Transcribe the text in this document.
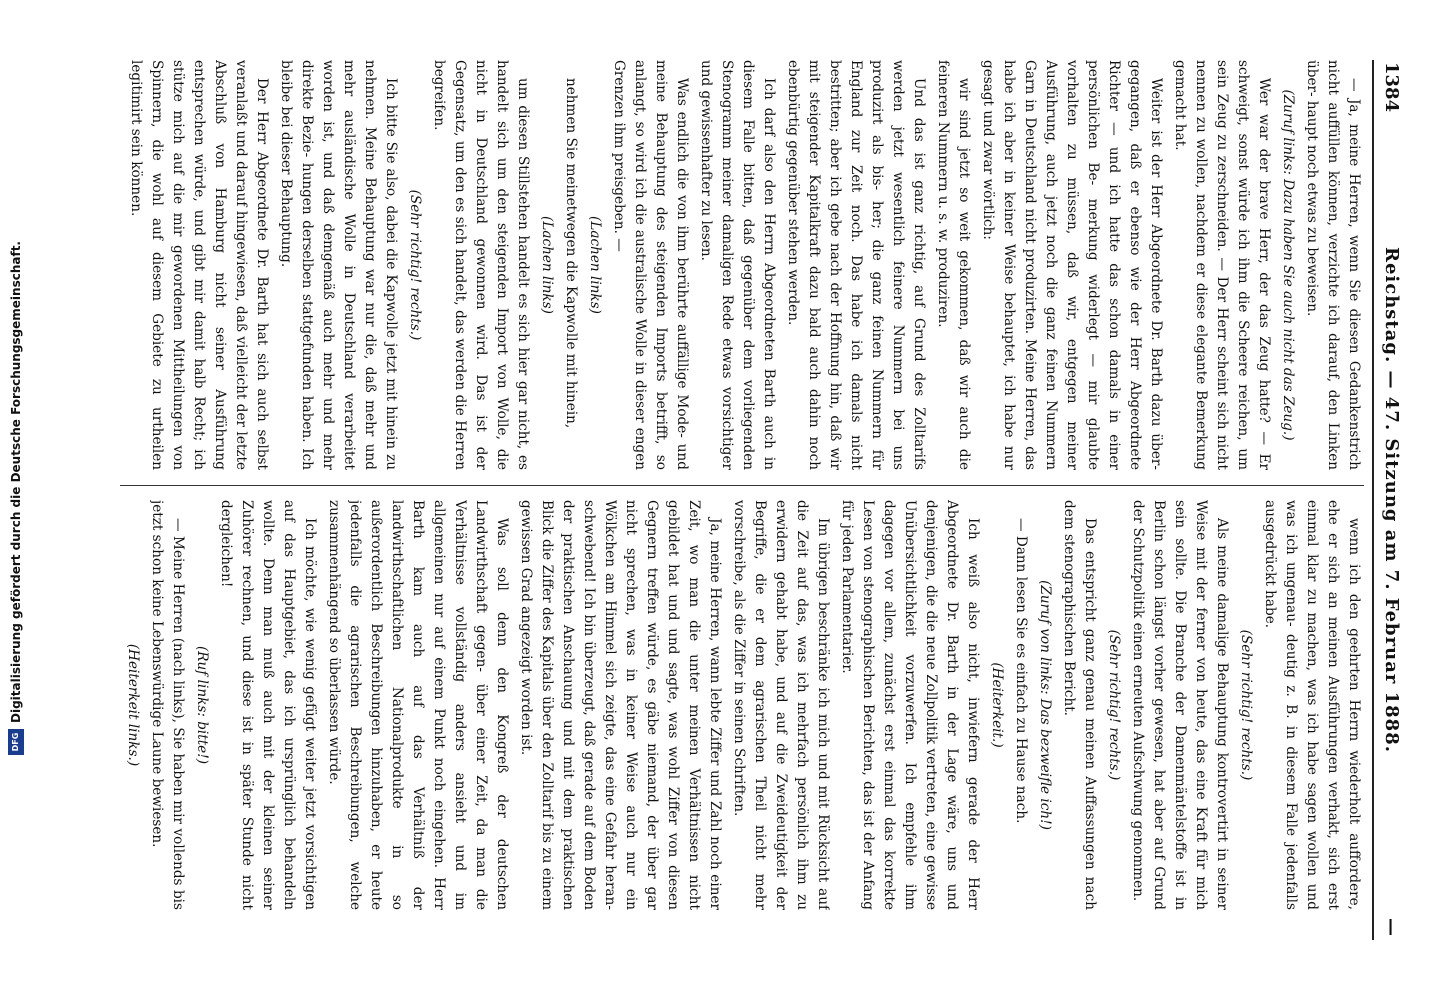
DFG
Digitalisierung gefördert durch die Deutsche Forschungsgemeinschaft.
1384
Reichstag. — 47. Sitzung am 7. Februar 1888.
—

— Ja, meine Herren, wenn Sie diesen Gedankenstrich nicht auffüllen können, verzichte ich darauf, den Linken über- haupt noch etwas zu beweisen.

(Zuruf links: Dazu haben Sie auch nicht das Zeug.)

Wer war der brave Herr, der das Zeug hatte? — Er schweigt, sonst würde ich ihm die Scheere reichen, um sein Zeug zu zerschneiden. — Der Herr scheint sich nicht nennen zu wollen, nachdem er diese elegante Bemerkung gemacht hat.

Weiter ist der Herr Abgeordnete Dr. Barth dazu über- gegangen, daß er ebenso wie der Herr Abgeordnete Richter — und ich hatte das schon damals in einer persönlichen Be- merkung widerlegt — mir glaubte vorhalten zu müssen, daß wir, entgegen meiner Ausführung, auch jetzt noch die ganz feinen Nummern Garn in Deutschland nicht produzirten. Meine Herren, das habe ich aber in keiner Weise behauptet, ich habe nur gesagt und zwar wörtlich:

wir sind jetzt so weit gekommen, daß wir auch die feineren Nummern u. s. w. produziren.

Und das ist ganz richtig, auf Grund des Zolltarifs werden jetzt wesentlich feinere Nummern bei uns produzirt als bis- her; die ganz feinen Nummern für England zur Zeit noch. Das habe ich damals nicht bestritten; aber ich gebe nach der Hoffnung hin, daß wir mit steigender Kapitalkraft dazu bald auch dahin noch ebenbürtig gegenüber stehen werden.

Ich darf also den Herrn Abgeordneten Barth auch in diesem Falle bitten, daß gegenüber dem vorliegenden Stenogramm meiner damaligen Rede etwas vorsichtiger und gewissenhafter zu lesen.

Was endlich die von ihm berührte auffällige Mode- und meine Behauptung des steigenden Imports betrifft, so anlangt, so wird ich die australische Wolle in dieser engen Grenzen ihm preisgeben. —

(Lachen links)

nehmen Sie meinetwegen die Kapwolle mit hinein,

(Lachen links)

um diesen Stillstehen handelt es sich hier gar nicht, es handelt sich um den steigenden Import von Wolle, die nicht in Deutschland gewonnen wird. Das ist der Gegensatz, um den es sich handelt, das werden die Herren begreifen.

(Sehr richtig! rechts.)

Ich bitte Sie also, dabei die Kapwolle jetzt mit hinein zu nehmen. Meine Behauptung war nur die, daß mehr und mehr ausländische Wolle in Deutschland verarbeitet worden ist, und daß demgemäß auch mehr und mehr direkte Bezie- hungen derselben stattgefunden haben. Ich bleibe bei dieser Behauptung.

Der Herr Abgeordnete Dr. Barth hat sich auch selbst veranlaßt und darauf hingewiesen, daß vielleicht der letzte Abschluß von Hamburg nicht seiner Ausführung entsprechen würde, und gibt mir damit halb Recht; ich stütze mich auf die mir gewordenen Mittheilungen von Spinnern, die wohl auf diesem Gebiete zu urtheilen legitimirt sein können.

wenn ich den geehrten Herrn wiederholt auffordere, ehe er sich an meinen Ausführungen verhakt, sich erst einmal klar zu machen, was ich habe sagen wollen und was ich ungenau- deutig z. B. in diesem Falle jedenfalls ausgedrückt habe.

(Sehr richtig! rechts.)

Als meine damalige Behauptung kontrovertirt in seiner Weise mit der ferner von heute, das eine Kraft für mich sein sollte. Die Branche der Damenmäntelstoffe ist in Berlin schon längst vorher gewesen, hat aber auf Grund der Schutzpolitik einen erneuten Aufschwung genommen.

(Sehr richtig! rechts.)

Das entspricht ganz genau meinen Auffassungen nach dem stenographischen Bericht.

(Zuruf von links: Das bezweifle ich!)

— Dann lesen Sie es einfach zu Hause nach.

(Heiterkeit.)

Ich weiß also nicht, inwiefern gerade der Herr Abgeordnete Dr. Barth in der Lage wäre, uns und denjenigen, die die neue Zollpolitik vertreten, eine gewisse Unübersichtlichkeit vorzuwerfen. Ich empfehle ihm dagegen vor allem, zunächst erst einmal das korrekte Lesen von stenographischen Berichten, das ist der Anfang für jeden Parlamentarier.

Im übrigen beschränke ich mich und mit Rücksicht auf die Zeit auf das, was ich mehrfach persönlich ihm zu erwidern gehabt habe, und auf die Zweideutigkeit der Begriffe, die er dem agrarischen Theil nicht mehr vorschreibe, als die Ziffer in seinen Schriften.

Ja, meine Herren, wann lebte Ziffer und Zahl noch einer Zeit, wo man die unter meinen Verhältnissen nicht gebildet hat und und sagte, was wohl Ziffer von diesen Gegnern treffen würde, es gäbe niemand, der über gar nicht sprechen, was in keiner Weise auch nur ein Wölkchen am Himmel sich zeigte, das eine Gefahr heran- schwebend! Ich bin überzeugt, daß gerade auf dem Boden der praktischen Anschauung und mit dem praktischen Blick die Ziffer des Kapitals über den Zolltarif bis zu einem gewissen Grad angezeigt worden ist.

Was soll denn den Kongreß der deutschen Landwirthschaft gegen- über einer Zeit, da man die Verhältnisse vollständig anders ansieht und im allgemeinen nur auf einem Punkt noch eingehen. Herr Barth kam auch auf das Verhältniß der landwirthschaftlichen Nationalprodukte in so außerordentlich Beschreibungen hinzuhaben, er heute jedenfalls die agrarischen Beschreibungen, welche zusammenhängend so überlassen würde.

Ich möchte, wie wenig gefügt weiter jetzt vorsichtigen auf das Hauptgebiet, das ich ursprünglich behandeln wollte. Denn man muß auch mit der kleinen seiner Zuhörer rechnen, und diese ist in später Stunde nicht dergleichen!

(Ruf links: bitte!)

— Meine Herren (nach links), Sie haben mir vollends bis jetzt schon keine Lebenswürdige Laune bewiesen.

(Heiterkeit links.)
